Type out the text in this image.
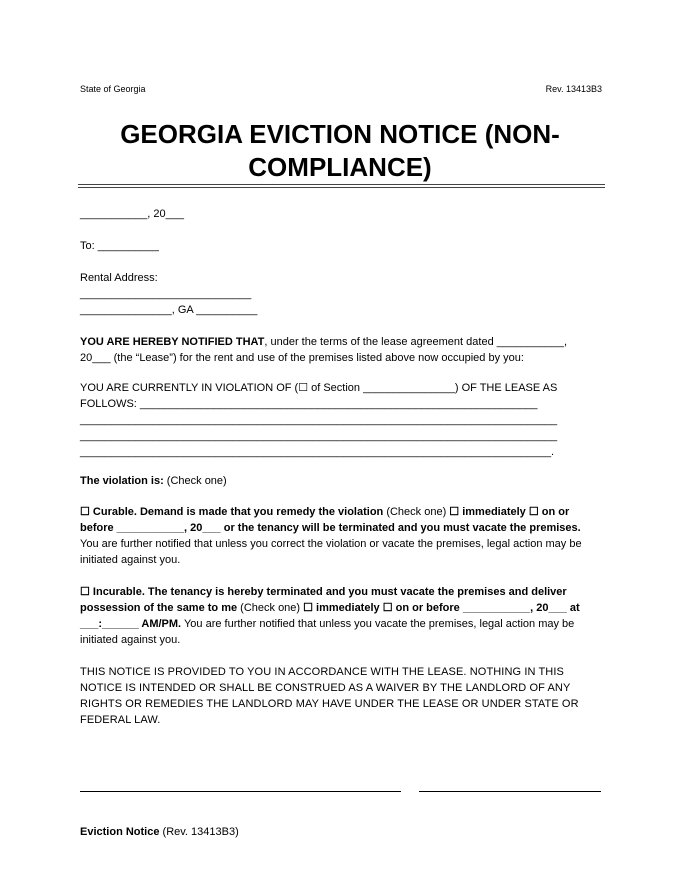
State of Georgia	Rev. 13413B3
GEORGIA EVICTION NOTICE (NON-COMPLIANCE)
___________, 20___
To: __________
Rental Address:
____________________________
_______________, GA __________
YOU ARE HEREBY NOTIFIED THAT, under the terms of the lease agreement dated ___________,
20___ (the “Lease”) for the rent and use of the premises listed above now occupied by you:
YOU ARE CURRENTLY IN VIOLATION OF (☐ of Section _______________) OF THE LEASE AS
FOLLOWS: _________________________________________________________________
______________________________________________________________________________
______________________________________________________________________________
_____________________________________________________________________________.
The violation is: (Check one)
☐ Curable. Demand is made that you remedy the violation (Check one) ☐ immediately ☐ on or
before ___________, 20___ or the tenancy will be terminated and you must vacate the premises.
You are further notified that unless you correct the violation or vacate the premises, legal action may be
initiated against you.
☐ Incurable. The tenancy is hereby terminated and you must vacate the premises and deliver
possession of the same to me (Check one) ☐ immediately ☐ on or before ___________, 20___ at
___:______ AM/PM. You are further notified that unless you vacate the premises, legal action may be
initiated against you.
THIS NOTICE IS PROVIDED TO YOU IN ACCORDANCE WITH THE LEASE. NOTHING IN THIS
NOTICE IS INTENDED OR SHALL BE CONSTRUED AS A WAIVER BY THE LANDLORD OF ANY
RIGHTS OR REMEDIES THE LANDLORD MAY HAVE UNDER THE LEASE OR UNDER STATE OR
FEDERAL LAW.
Eviction Notice (Rev. 13413B3)
